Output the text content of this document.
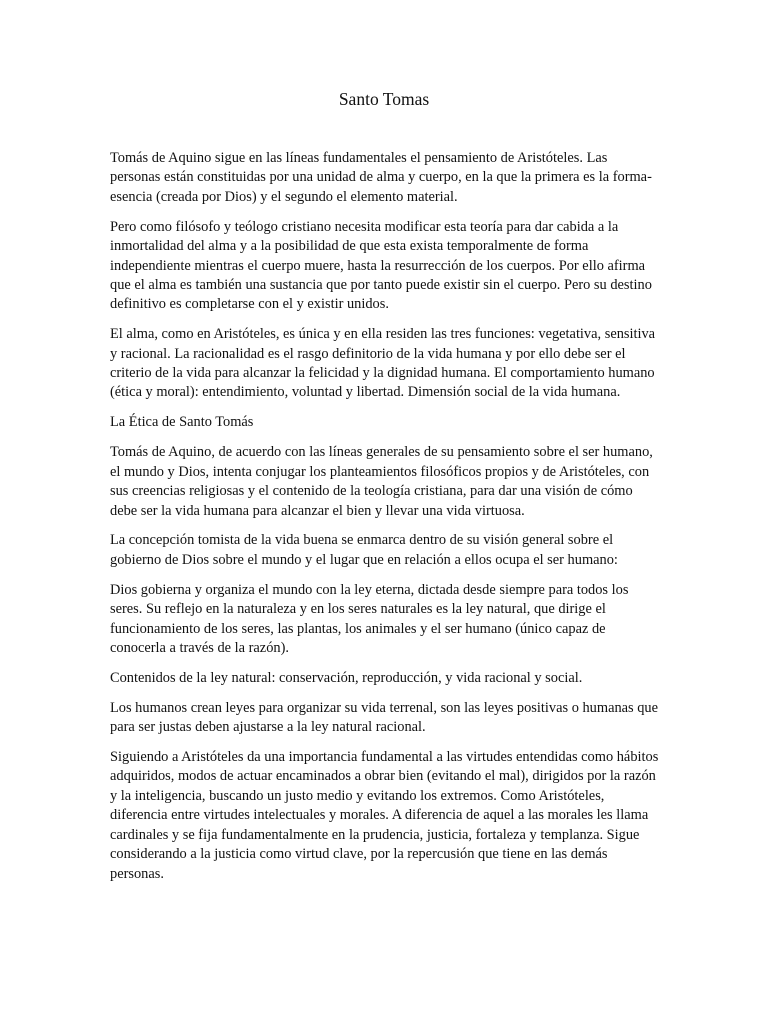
Santo Tomas

Tomás de Aquino sigue en las líneas fundamentales el pensamiento de Aristóteles. Las personas están constituidas por una unidad de alma y cuerpo, en la que la primera es la forma-esencia (creada por Dios) y el segundo el elemento material.

Pero como filósofo y teólogo cristiano necesita modificar esta teoría para dar cabida a la inmortalidad del alma y a la posibilidad de que esta exista temporalmente de forma independiente mientras el cuerpo muere, hasta la resurrección de los cuerpos. Por ello afirma que el alma es también una sustancia que por tanto puede existir sin el cuerpo. Pero su destino definitivo es completarse con el y existir unidos.

El alma, como en Aristóteles, es única y en ella residen las tres funciones: vegetativa, sensitiva y racional. La racionalidad es el rasgo definitorio de la vida humana y por ello debe ser el criterio de la vida para alcanzar la felicidad y la dignidad humana. El comportamiento humano (ética y moral): entendimiento, voluntad y libertad. Dimensión social de la vida humana.

La Ética de Santo Tomás

Tomás de Aquino, de acuerdo con las líneas generales de su pensamiento sobre el ser humano, el mundo y Dios, intenta conjugar los planteamientos filosóficos propios y de Aristóteles, con sus creencias religiosas y el contenido de la teología cristiana, para dar una visión de cómo debe ser la vida humana para alcanzar el bien y llevar una vida virtuosa.

La concepción tomista de la vida buena se enmarca dentro de su visión general sobre el gobierno de Dios sobre el mundo y el lugar que en relación a ellos ocupa el ser humano:

Dios gobierna y organiza el mundo con la ley eterna, dictada desde siempre para todos los seres. Su reflejo en la naturaleza y en los seres naturales es la ley natural, que dirige el funcionamiento de los seres, las plantas, los animales y el ser humano (único capaz de conocerla a través de la razón).

Contenidos de la ley natural: conservación, reproducción, y vida racional y social.

Los humanos crean leyes para organizar su vida terrenal, son las leyes positivas o humanas que para ser justas deben ajustarse a la ley natural racional.

Siguiendo a Aristóteles da una importancia fundamental a las virtudes entendidas como hábitos adquiridos, modos de actuar encaminados a obrar bien (evitando el mal), dirigidos por la razón y la inteligencia, buscando un justo medio y evitando los extremos. Como Aristóteles, diferencia entre virtudes intelectuales y morales. A diferencia de aquel a las morales les llama cardinales y se fija fundamentalmente en la prudencia, justicia, fortaleza y templanza. Sigue considerando a la justicia como virtud clave, por la repercusión que tiene en las demás personas.
